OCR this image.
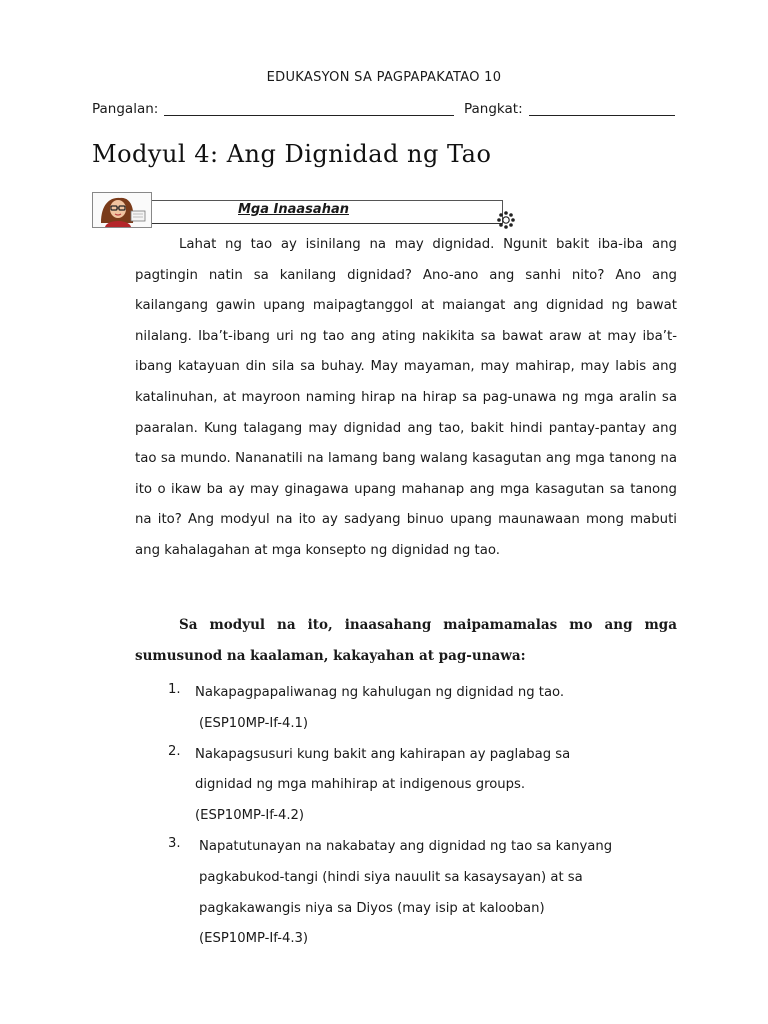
EDUKASYON SA PAGPAPAKATAO 10
Pangalan:	Pangkat:
Modyul 4: Ang Dignidad ng Tao
Mga Inaasahan
Lahat ng tao ay isinilang na may dignidad. Ngunit bakit iba-iba ang pagtingin natin sa kanilang dignidad? Ano-ano ang sanhi nito? Ano ang kailangang gawin upang maipagtanggol at maiangat ang dignidad ng bawat nilalang. Iba’t-ibang uri ng tao ang ating nakikita sa bawat araw at may iba’t-ibang katayuan din sila sa buhay. May mayaman, may mahirap, may labis ang katalinuhan, at mayroon naming hirap na hirap sa pag-unawa ng mga aralin sa paaralan. Kung talagang may dignidad ang tao, bakit hindi pantay-pantay ang tao sa mundo. Nananatili na lamang bang walang kasagutan ang mga tanong na ito o ikaw ba ay may ginagawa upang mahanap ang mga kasagutan sa tanong na ito? Ang modyul na ito ay sadyang binuo upang maunawaan mong mabuti ang kahalagahan at mga konsepto ng dignidad ng tao.
Sa modyul na ito, inaasahang maipamamalas mo ang mga sumusunod na kaalaman, kakayahan at pag-unawa:
1. Nakapagpapaliwanag ng kahulugan ng dignidad ng tao.
(ESP10MP-If-4.1)
2. Nakapagsusuri kung bakit ang kahirapan ay paglabag sa
dignidad ng mga mahihirap at indigenous groups.
(ESP10MP-If-4.2)
3. Napatutunayan na nakabatay ang dignidad ng tao sa kanyang
pagkabukod-tangi (hindi siya nauulit sa kasaysayan) at sa
pagkakawangis niya sa Diyos (may isip at kalooban)
(ESP10MP-If-4.3)
